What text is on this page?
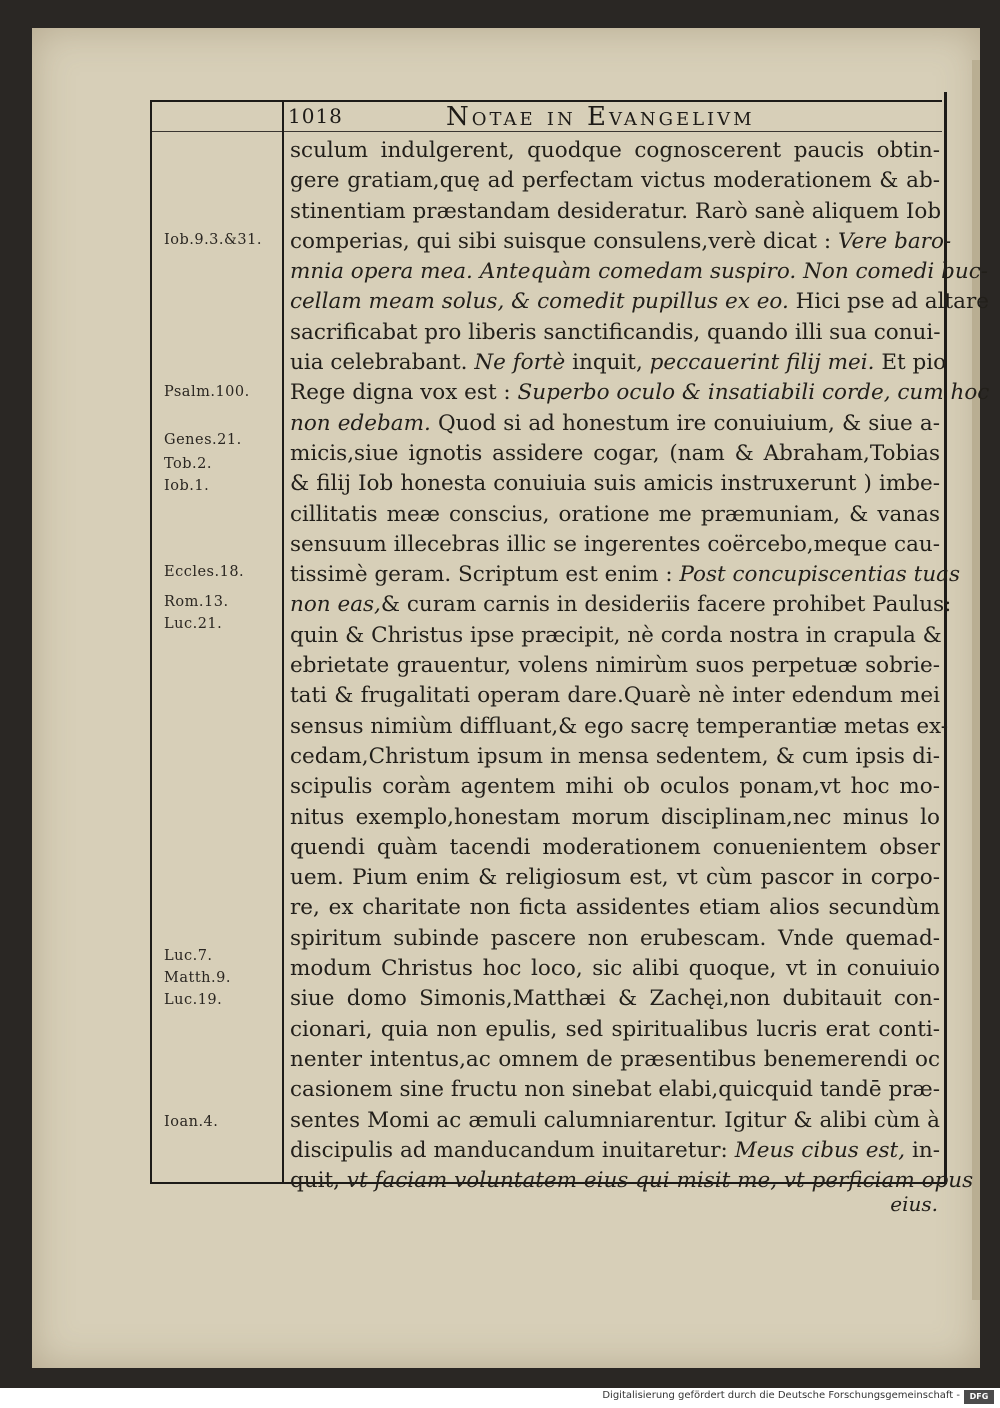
1018	Notae in Evangelivm
Iob.9.3.&31.
Psalm.100.
Genes.21.
Tob.2.
Iob.1.
Eccles.18.
Rom.13.
Luc.21.
Luc.7.
Matth.9.
Luc.19.
Ioan.4.
sculum indulgerent, quodque cognoscerent paucis obtin-
gere gratiam,quę ad perfectam victus moderationem & ab-
stinentiam præstandam desideratur. Rarò sanè aliquem Iob
comperias, qui sibi suisque consulens,verè dicat : Vere baro-
mnia opera mea. Antequàm comedam suspiro. Non comedi buc-
cellam meam solus, & comedit pupillus ex eo. Hici pse ad altare
sacrificabat pro liberis sanctificandis, quando illi sua conui-
uia celebrabant. Ne fortè inquit, peccauerint filij mei. Et pio
Rege digna vox est : Superbo oculo & insatiabili corde, cum hoc
non edebam. Quod si ad honestum ire conuiuium, & siue a-
micis,siue ignotis assidere cogar, (nam & Abraham,Tobias
& filij Iob honesta conuiuia suis amicis instruxerunt ) imbe-
cillitatis meæ conscius, oratione me præmuniam, & vanas
sensuum illecebras illic se ingerentes coërcebo,meque cau-
tissimè geram. Scriptum est enim : Post concupiscentias tuas
non eas,& curam carnis in desideriis facere prohibet Paulus:
quin & Christus ipse præcipit, nè corda nostra in crapula &
ebrietate grauentur, volens nimirùm suos perpetuæ sobrie-
tati & frugalitati operam dare.Quarè nè inter edendum mei
sensus nimiùm diffluant,& ego sacrę temperantiæ metas ex-
cedam,Christum ipsum in mensa sedentem, & cum ipsis di-
scipulis coràm agentem mihi ob oculos ponam,vt hoc mo-
nitus exemplo,honestam morum disciplinam,nec minus lo
quendi quàm tacendi moderationem conuenientem obser
uem. Pium enim & religiosum est, vt cùm pascor in corpo-
re, ex charitate non ficta assidentes etiam alios secundùm
spiritum subinde pascere non erubescam. Vnde quemad-
modum Christus hoc loco, sic alibi quoque, vt in conuiuio
siue domo Simonis,Matthæi & Zachęi,non dubitauit con-
cionari, quia non epulis, sed spiritualibus lucris erat conti-
nenter intentus,ac omnem de præsentibus benemerendi oc
casionem sine fructu non sinebat elabi,quicquid tandē præ-
sentes Momi ac æmuli calumniarentur. Igitur & alibi cùm à
discipulis ad manducandum inuitaretur: Meus cibus est, in-
quit, vt faciam voluntatem eius qui misit me, vt perficiam opus
eius.
Digitalisierung gefördert durch die Deutsche Forschungsgemeinschaft -	DFG
